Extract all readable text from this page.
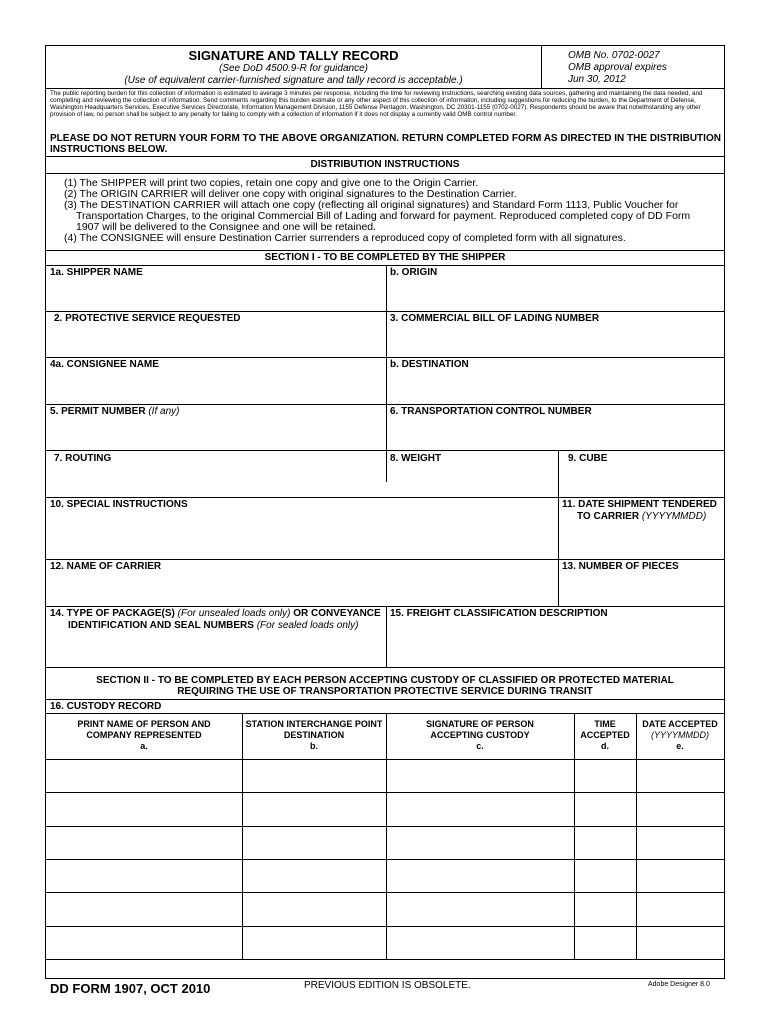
SIGNATURE AND TALLY RECORD
(See DoD 4500.9-R for guidance)
(Use of equivalent carrier-furnished signature and tally record is acceptable.)
OMB No. 0702-0027
OMB approval expires
Jun 30, 2012
The public reporting burden for this collection of information is estimated to average 3 minutes per response, including the time for reviewing instructions, searching existing data sources, gathering and maintaining the data needed, and completing and reviewing the collection of information. Send comments regarding this burden estimate or any other aspect of this collection of information, including suggestions for reducing the burden, to the Department of Defense, Washington Headquarters Services, Executive Services Directorate, Information Management Division, 1155 Defense Pentagon, Washington, DC 20301-1155 (0702-0027). Respondents should be aware that notwithstanding any other provision of law, no person shall be subject to any penalty for failing to comply with a collection of information if it does not display a currently valid OMB control number.
PLEASE DO NOT RETURN YOUR FORM TO THE ABOVE ORGANIZATION. RETURN COMPLETED FORM AS DIRECTED IN THE DISTRIBUTION INSTRUCTIONS BELOW.
DISTRIBUTION INSTRUCTIONS
(1) The SHIPPER will print two copies, retain one copy and give one to the Origin Carrier.
(2) The ORIGIN CARRIER will deliver one copy with original signatures to the Destination Carrier.
(3) The DESTINATION CARRIER will attach one copy (reflecting all original signatures) and Standard Form 1113, Public Voucher for Transportation Charges, to the original Commercial Bill of Lading and forward for payment. Reproduced completed copy of DD Form 1907 will be delivered to the Consignee and one will be retained.
(4) The CONSIGNEE will ensure Destination Carrier surrenders a reproduced copy of completed form with all signatures.
SECTION I - TO BE COMPLETED BY THE SHIPPER
1a. SHIPPER NAME	b. ORIGIN
2. PROTECTIVE SERVICE REQUESTED	3. COMMERCIAL BILL OF LADING NUMBER
4a. CONSIGNEE NAME	b. DESTINATION
5. PERMIT NUMBER (If any)	6. TRANSPORTATION CONTROL NUMBER
7. ROUTING	8. WEIGHT	9. CUBE
10. SPECIAL INSTRUCTIONS	11. DATE SHIPMENT TENDERED
TO CARRIER (YYYYMMDD)
12. NAME OF CARRIER	13. NUMBER OF PIECES
14. TYPE OF PACKAGE(S) (For unsealed loads only) OR CONVEYANCE
IDENTIFICATION AND SEAL NUMBERS (For sealed loads only)
15. FREIGHT CLASSIFICATION DESCRIPTION
SECTION II - TO BE COMPLETED BY EACH PERSON ACCEPTING CUSTODY OF CLASSIFIED OR PROTECTED MATERIAL
REQUIRING THE USE OF TRANSPORTATION PROTECTIVE SERVICE DURING TRANSIT
16. CUSTODY RECORD
PRINT NAME OF PERSON AND
COMPANY REPRESENTED
a.
STATION INTERCHANGE POINT
DESTINATION
b.
SIGNATURE OF PERSON
ACCEPTING CUSTODY
c.
TIME
ACCEPTED
d.
DATE ACCEPTED
(YYYYMMDD)
e.
DD FORM 1907, OCT 2010	PREVIOUS EDITION IS OBSOLETE.	Adobe Designer 8.0
